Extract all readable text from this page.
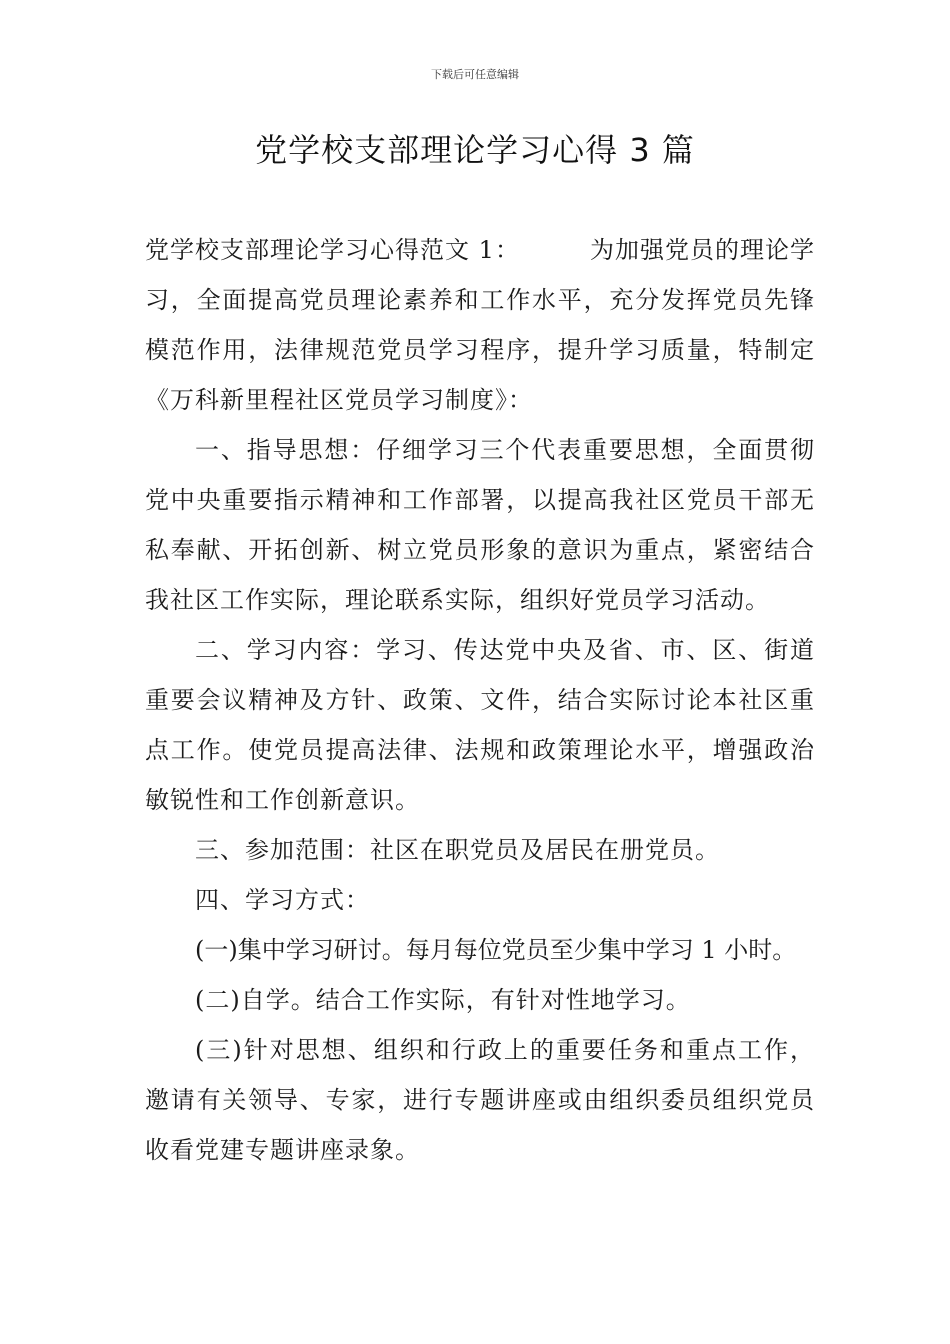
下载后可任意编辑
党学校支部理论学习心得 3 篇

党学校支部理论学习心得范文 1：	为加强党员的理论学习，全面提高党员理论素养和工作水平，充分发挥党员先锋模范作用，法律规范党员学习程序，提升学习质量，特制定《万科新里程社区党员学习制度》：

一、指导思想：仔细学习三个代表重要思想，全面贯彻党中央重要指示精神和工作部署，以提高我社区党员干部无私奉献、开拓创新、树立党员形象的意识为重点，紧密结合我社区工作实际，理论联系实际，组织好党员学习活动。

二、学习内容：学习、传达党中央及省、市、区、街道重要会议精神及方针、政策、文件，结合实际讨论本社区重点工作。使党员提高法律、法规和政策理论水平，增强政治敏锐性和工作创新意识。

三、参加范围：社区在职党员及居民在册党员。

四、学习方式：

(一)集中学习研讨。每月每位党员至少集中学习 1 小时。

(二)自学。结合工作实际，有针对性地学习。

(三)针对思想、组织和行政上的重要任务和重点工作，邀请有关领导、专家，进行专题讲座或由组织委员组织党员收看党建专题讲座录象。
